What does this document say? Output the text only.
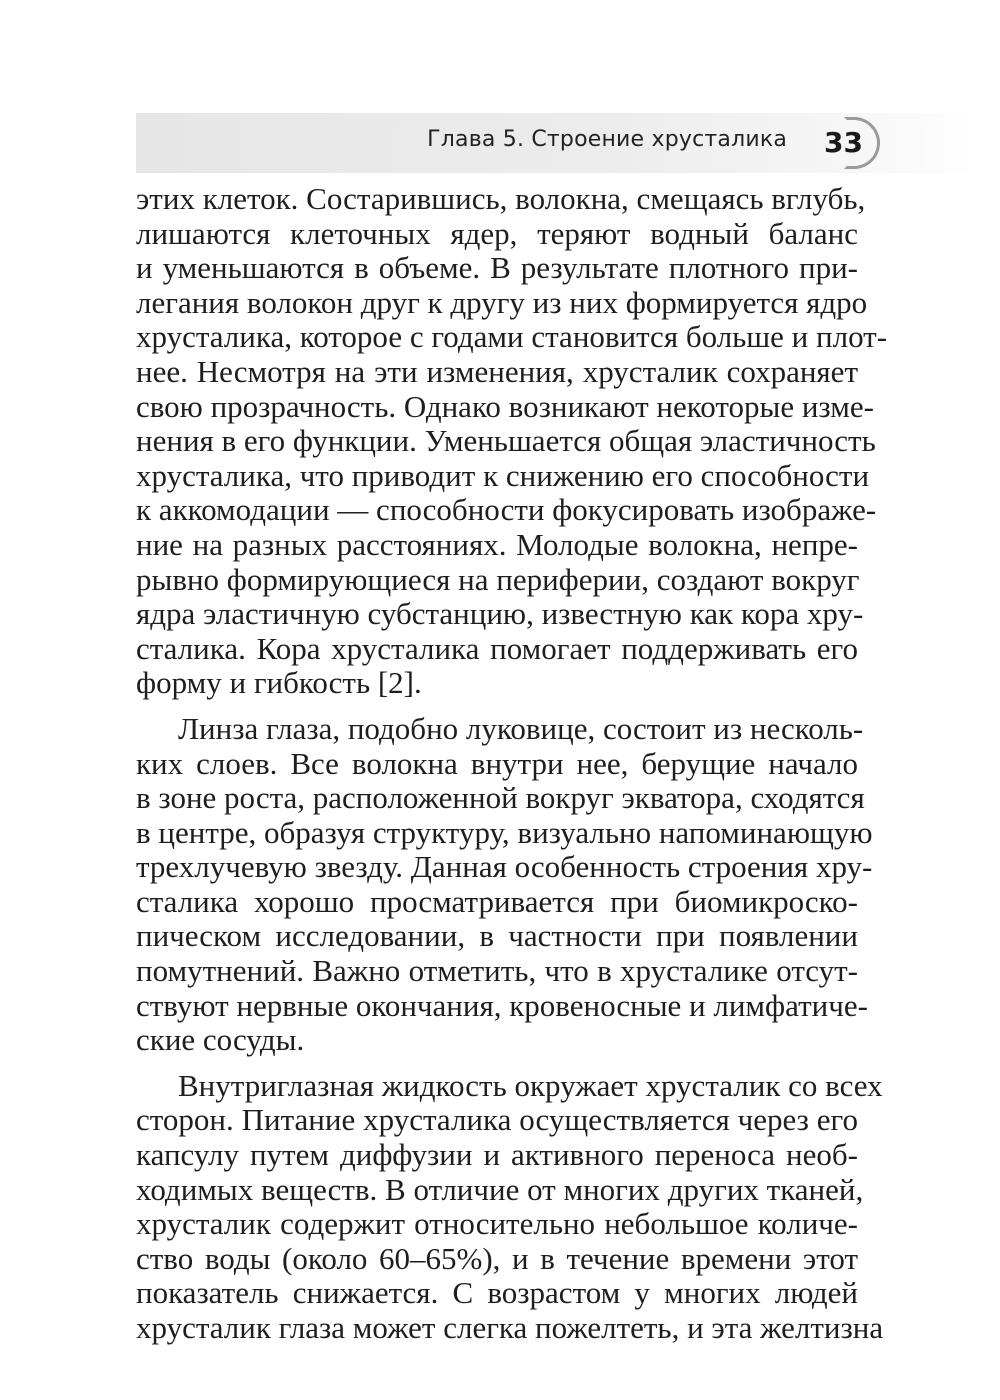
Глава 5. Строение хрусталика	33
этих клеток. Состарившись, волокна, смещаясь вглубь,
лишаются клеточных ядер, теряют водный баланс
и уменьшаются в объеме. В результате плотного при-
легания волокон друг к другу из них формируется ядро
хрусталика, которое с годами становится больше и плот-
нее. Несмотря на эти изменения, хрусталик сохраняет
свою прозрачность. Однако возникают некоторые изме-
нения в его функции. Уменьшается общая эластичность
хрусталика, что приводит к снижению его способности
к аккомодации — способности фокусировать изображе-
ние на разных расстояниях. Молодые волокна, непре-
рывно формирующиеся на периферии, создают вокруг
ядра эластичную субстанцию, известную как кора хру-
сталика. Кора хрусталика помогает поддерживать его
форму и гибкость [2].
Линза глаза, подобно луковице, состоит из несколь-
ких слоев. Все волокна внутри нее, берущие начало
в зоне роста, расположенной вокруг экватора, сходятся
в центре, образуя структуру, визуально напоминающую
трехлучевую звезду. Данная особенность строения хру-
сталика хорошо просматривается при биомикроско-
пическом исследовании, в частности при появлении
помутнений. Важно отметить, что в хрусталике отсут-
ствуют нервные окончания, кровеносные и лимфатиче-
ские сосуды.
Внутриглазная жидкость окружает хрусталик со всех
сторон. Питание хрусталика осуществляется через его
капсулу путем диффузии и активного переноса необ-
ходимых веществ. В отличие от многих других тканей,
хрусталик содержит относительно небольшое количе-
ство воды (около 60–65%), и в течение времени этот
показатель снижается. С возрастом у многих людей
хрусталик глаза может слегка пожелтеть, и эта желтизна
